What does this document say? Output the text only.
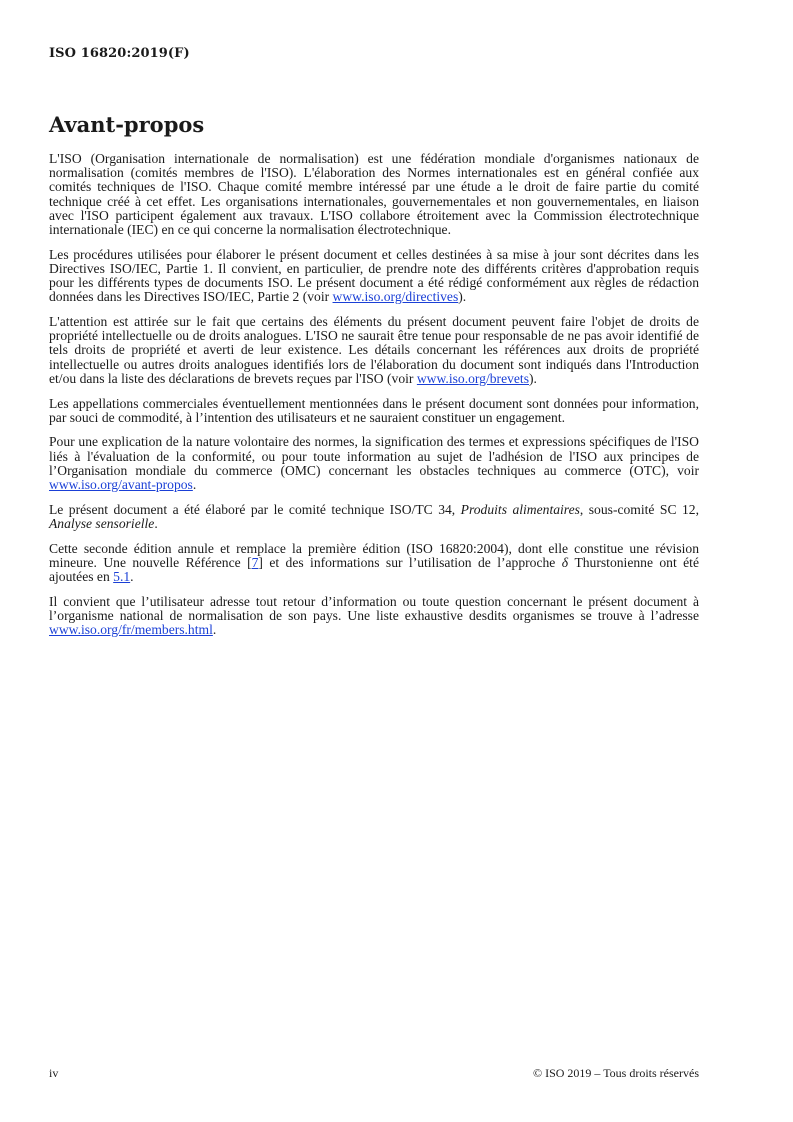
ISO 16820:2019(F)
Avant-propos

L'ISO (Organisation internationale de normalisation) est une fédération mondiale d'organismes nationaux de normalisation (comités membres de l'ISO). L'élaboration des Normes internationales est en général confiée aux comités techniques de l'ISO. Chaque comité membre intéressé par une étude a le droit de faire partie du comité technique créé à cet effet. Les organisations internationales, gouvernementales et non gouvernementales, en liaison avec l'ISO participent également aux travaux. L'ISO collabore étroitement avec la Commission électrotechnique internationale (IEC) en ce qui concerne la normalisation électrotechnique.

Les procédures utilisées pour élaborer le présent document et celles destinées à sa mise à jour sont décrites dans les Directives ISO/IEC, Partie 1. Il convient, en particulier, de prendre note des différents critères d'approbation requis pour les différents types de documents ISO. Le présent document a été rédigé conformément aux règles de rédaction données dans les Directives ISO/IEC, Partie 2 (voir www.iso.org/directives).

L'attention est attirée sur le fait que certains des éléments du présent document peuvent faire l'objet de droits de propriété intellectuelle ou de droits analogues. L'ISO ne saurait être tenue pour responsable de ne pas avoir identifié de tels droits de propriété et averti de leur existence. Les détails concernant les références aux droits de propriété intellectuelle ou autres droits analogues identifiés lors de l'élaboration du document sont indiqués dans l'Introduction et/ou dans la liste des déclarations de brevets reçues par l'ISO (voir www.iso.org/brevets).

Les appellations commerciales éventuellement mentionnées dans le présent document sont données pour information, par souci de commodité, à l’intention des utilisateurs et ne sauraient constituer un engagement.

Pour une explication de la nature volontaire des normes, la signification des termes et expressions spécifiques de l'ISO liés à l'évaluation de la conformité, ou pour toute information au sujet de l'adhésion de l'ISO aux principes de l’Organisation mondiale du commerce (OMC) concernant les obstacles techniques au commerce (OTC), voir www.iso.org/avant-propos.

Le présent document a été élaboré par le comité technique ISO/TC 34, Produits alimentaires, sous-comité SC 12, Analyse sensorielle.

Cette seconde édition annule et remplace la première édition (ISO 16820:2004), dont elle constitue une révision mineure. Une nouvelle Référence [7] et des informations sur l’utilisation de l’approche δ Thurstonienne ont été ajoutées en 5.1.

Il convient que l’utilisateur adresse tout retour d’information ou toute question concernant le présent document à l’organisme national de normalisation de son pays. Une liste exhaustive desdits organismes se trouve à l’adresse www.iso.org/fr/members.html.

iv	© ISO 2019 – Tous droits réservés
